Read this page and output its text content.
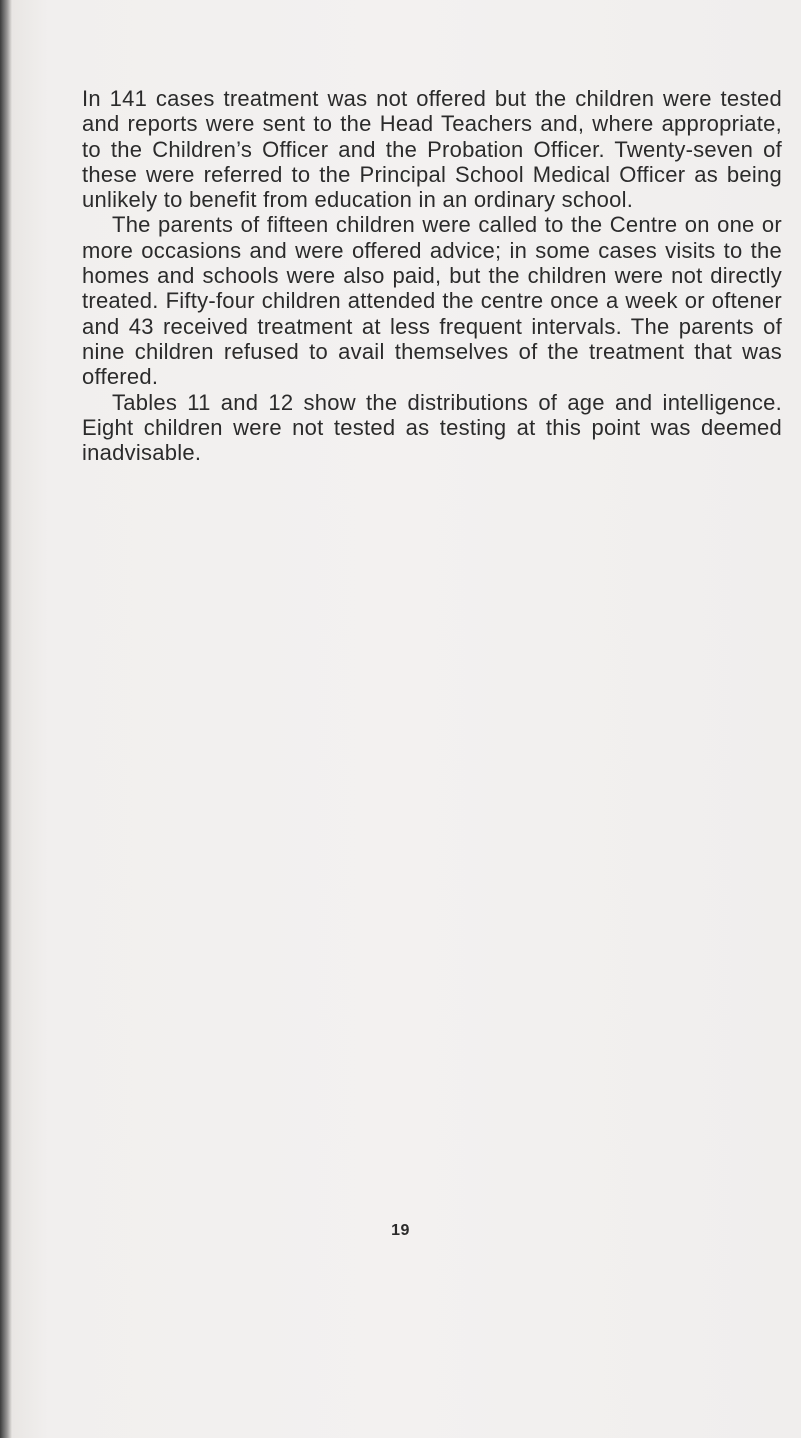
In 141 cases treatment was not offered but the children were tested and reports were sent to the Head Teachers and, where appropriate, to the Children’s Officer and the Probation Officer. Twenty-seven of these were referred to the Principal School Medical Officer as being unlikely to benefit from education in an ordinary school.

The parents of fifteen children were called to the Centre on one or more occasions and were offered advice; in some cases visits to the homes and schools were also paid, but the children were not directly treated. Fifty-four children attended the centre once a week or oftener and 43 received treatment at less frequent intervals. The parents of nine children refused to avail themselves of the treatment that was offered.

Tables 11 and 12 show the distributions of age and intelligence. Eight children were not tested as testing at this point was deemed inadvisable.

19
